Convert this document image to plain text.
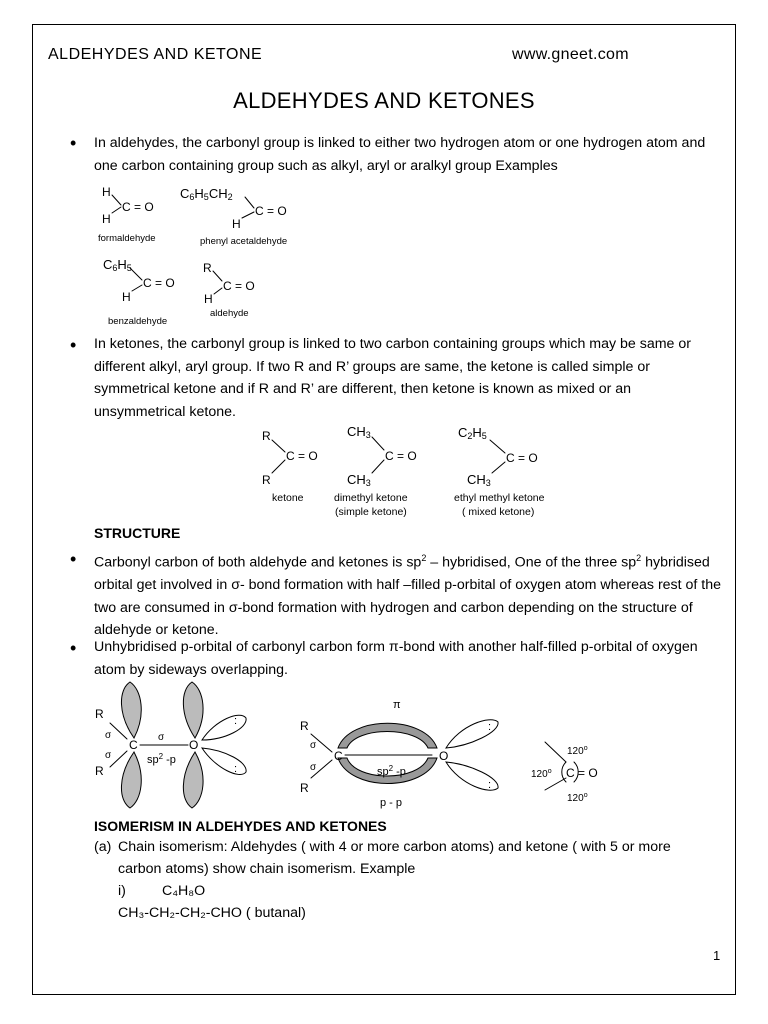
ALDEHYDES AND KETONE	www.gneet.com
ALDEHYDES AND KETONES
• In aldehydes, the carbonyl group is linked to either two hydrogen atom or one hydrogen atom and one carbon containing group such as alkyl, aryl or aralkyl group Examples
• In ketones, the carbonyl group is linked to two carbon containing groups which may be same or different alkyl, aryl group. If two R and R’ groups are same, the ketone is called simple or symmetrical ketone and if R and R’ are different, then ketone is known as mixed or an unsymmetrical ketone.
STRUCTURE
• Carbonyl carbon of both aldehyde and ketones is $sp^2$ – hybridised, One of the three $sp^2$ hybridised orbital get involved in σ- bond formation with half –filled p-orbital of oxygen atom whereas rest of the two are consumed in σ-bond formation with hydrogen and carbon depending on the structure of aldehyde or ketone.
• Unhybridised p-orbital of carbonyl carbon form π-bond with another half-filled p-orbital of oxygen atom by sideways overlapping.
ISOMERISM IN ALDEHYDES AND KETONES
(a) Chain isomerism: Aldehydes ( with 4 or more carbon atoms) and ketone ( with 5 or more
carbon atoms) show chain isomerism. Example
i)	C₄H₈O
CH₃-CH₂-CH₂-CHO ( butanal)
1
H
H
C = O
formaldehyde
C6H5CH2
H
C = O
phenyl acetaldehyde
C6H5
H
C = O
benzaldehyde
R
H
C = O
aldehyde
R
R
C = O
ketone
CH3
CH3
C = O
dimethyl ketone
(simple ketone)
C2H5
CH3
C = O
ethyl methyl ketone
( mixed ketone)
:
:
R
R
σ
σ
C	O
σ
$sp^2$ -p
:
:
R
R
σ
σ
C	O
π
$sp^2$ -p
p - p
C = O
120$^o$
120$^o$
120$^o$
